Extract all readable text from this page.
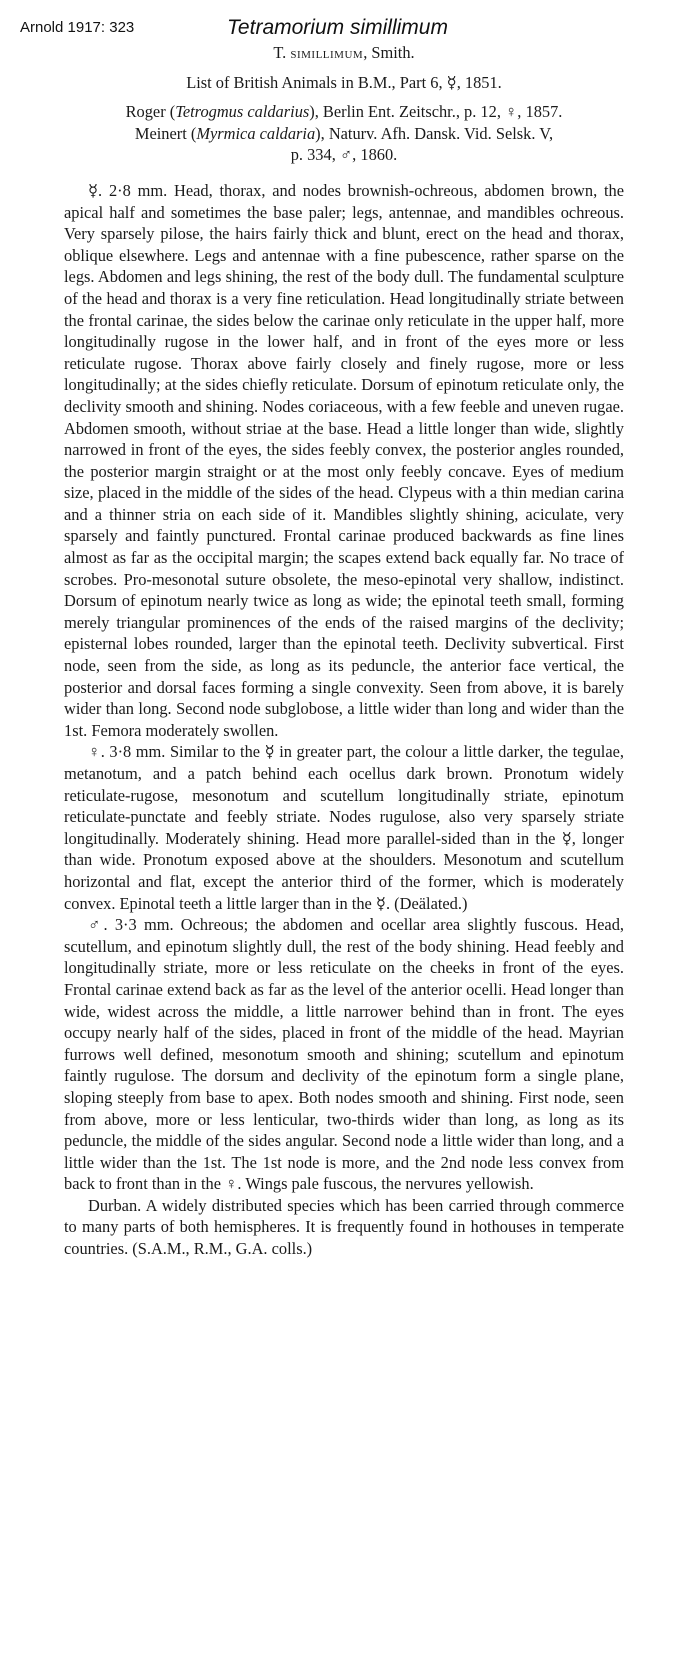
Arnold 1917: 323	Tetramorium simillimum
T. simillimum, Smith.
List of British Animals in B.M., Part 6, ☿, 1851.
Roger (Tetrogmus caldarius), Berlin Ent. Zeitschr., p. 12, ♀, 1857.
Meinert (Myrmica caldaria), Naturv. Afh. Dansk. Vid. Selsk. V,
p. 334, ♂, 1860.

☿. 2·8 mm. Head, thorax, and nodes brownish-ochreous, abdomen brown, the apical half and sometimes the base paler; legs, antennae, and mandibles ochreous. Very sparsely pilose, the hairs fairly thick and blunt, erect on the head and thorax, oblique elsewhere. Legs and antennae with a fine pubescence, rather sparse on the legs. Abdomen and legs shining, the rest of the body dull. The fundamental sculpture of the head and thorax is a very fine reticulation. Head longitudinally striate between the frontal carinae, the sides below the carinae only reticulate in the upper half, more longitudinally rugose in the lower half, and in front of the eyes more or less reticulate rugose. Thorax above fairly closely and finely rugose, more or less longitudinally; at the sides chiefly reticulate. Dorsum of epinotum reticulate only, the declivity smooth and shining. Nodes coriaceous, with a few feeble and uneven rugae. Abdomen smooth, without striae at the base. Head a little longer than wide, slightly narrowed in front of the eyes, the sides feebly convex, the posterior angles rounded, the posterior margin straight or at the most only feebly concave. Eyes of medium size, placed in the middle of the sides of the head. Clypeus with a thin median carina and a thinner stria on each side of it. Mandibles slightly shining, aciculate, very sparsely and faintly punctured. Frontal carinae produced backwards as fine lines almost as far as the occipital margin; the scapes extend back equally far. No trace of scrobes. Pro-mesonotal suture obsolete, the meso-epinotal very shallow, indistinct. Dorsum of epinotum nearly twice as long as wide; the epinotal teeth small, forming merely triangular prominences of the ends of the raised margins of the declivity; episternal lobes rounded, larger than the epinotal teeth. Declivity subvertical. First node, seen from the side, as long as its peduncle, the anterior face vertical, the posterior and dorsal faces forming a single convexity. Seen from above, it is barely wider than long. Second node subglobose, a little wider than long and wider than the 1st. Femora moderately swollen.

♀. 3·8 mm. Similar to the ☿ in greater part, the colour a little darker, the tegulae, metanotum, and a patch behind each ocellus dark brown. Pronotum widely reticulate-rugose, mesonotum and scutellum longitudinally striate, epinotum reticulate-punctate and feebly striate. Nodes rugulose, also very sparsely striate longitudinally. Moderately shining. Head more parallel-sided than in the ☿, longer than wide. Pronotum exposed above at the shoulders. Mesonotum and scutellum horizontal and flat, except the anterior third of the former, which is moderately convex. Epinotal teeth a little larger than in the ☿. (Deälated.)

♂. 3·3 mm. Ochreous; the abdomen and ocellar area slightly fuscous. Head, scutellum, and epinotum slightly dull, the rest of the body shining. Head feebly and longitudinally striate, more or less reticulate on the cheeks in front of the eyes. Frontal carinae extend back as far as the level of the anterior ocelli. Head longer than wide, widest across the middle, a little narrower behind than in front. The eyes occupy nearly half of the sides, placed in front of the middle of the head. Mayrian furrows well defined, mesonotum smooth and shining; scutellum and epinotum faintly rugulose. The dorsum and declivity of the epinotum form a single plane, sloping steeply from base to apex. Both nodes smooth and shining. First node, seen from above, more or less lenticular, two-thirds wider than long, as long as its peduncle, the middle of the sides angular. Second node a little wider than long, and a little wider than the 1st. The 1st node is more, and the 2nd node less convex from back to front than in the ♀. Wings pale fuscous, the nervures yellowish.

Durban. A widely distributed species which has been carried through commerce to many parts of both hemispheres. It is frequently found in hothouses in temperate countries. (S.A.M., R.M., G.A. colls.)
